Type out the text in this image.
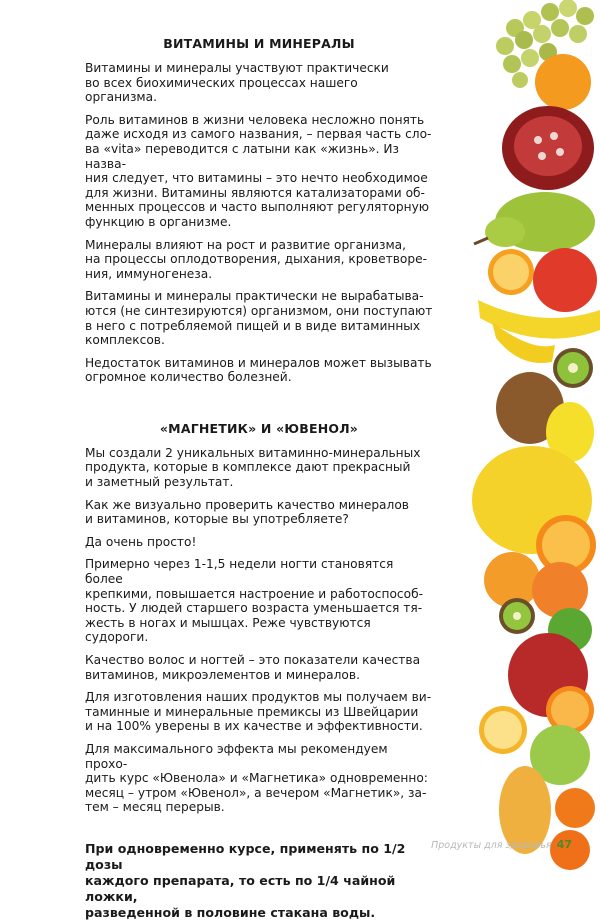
ВИТАМИНЫ И МИНЕРАЛЫ
Витамины и минералы участвуют практически
во всех биохимических процессах нашего организма.
Роль витаминов в жизни человека несложно понять
даже исходя из самого названия, – первая часть сло-
ва «vita» переводится с латыни как «жизнь». Из назва-
ния следует, что витамины – это нечто необходимое
для жизни. Витамины являются катализаторами об-
менных процессов и часто выполняют регуляторную
функцию в организме.
Минералы влияют на рост и развитие организма,
на процессы оплодотворения, дыхания, кроветворе-
ния, иммуногенеза.
Витамины и минералы практически не вырабатыва-
ются (не синтезируются) организмом, они поступают
в него с потребляемой пищей и в виде витаминных
комплексов.
Недостаток витаминов и минералов может вызывать
огромное количество болезней.
«МАГНЕТИК» И «ЮВЕНОЛ»
Мы создали 2 уникальных витаминно-минеральных
продукта, которые в комплексе дают прекрасный
и заметный результат.
Как же визуально проверить качество минералов
и витаминов, которые вы употребляете?
Да очень просто!
Примерно через 1-1,5 недели ногти становятся более
крепкими, повышается настроение и работоспособ-
ность. У людей старшего возраста уменьшается тя-
жесть в ногах и мышцах. Реже чувствуются судороги.
Качество волос и ногтей – это показатели качества
витаминов, микроэлементов и минералов.
Для изготовления наших продуктов мы получаем ви-
таминные и минеральные премиксы из Швейцарии
и на 100% уверены в их качестве и эффективности.
Для максимального эффекта мы рекомендуем прохо-
дить курс «Ювенола» и «Магнетика» одновременно:
месяц – утром «Ювенол», а вечером «Магнетик», за-
тем – месяц перерыв.
При одновременно курсе, применять по 1/2 дозы
каждого препарата, то есть по 1/4 чайной ложки,
разведенной в половине стакана воды.
Продукты для здоровья 47
